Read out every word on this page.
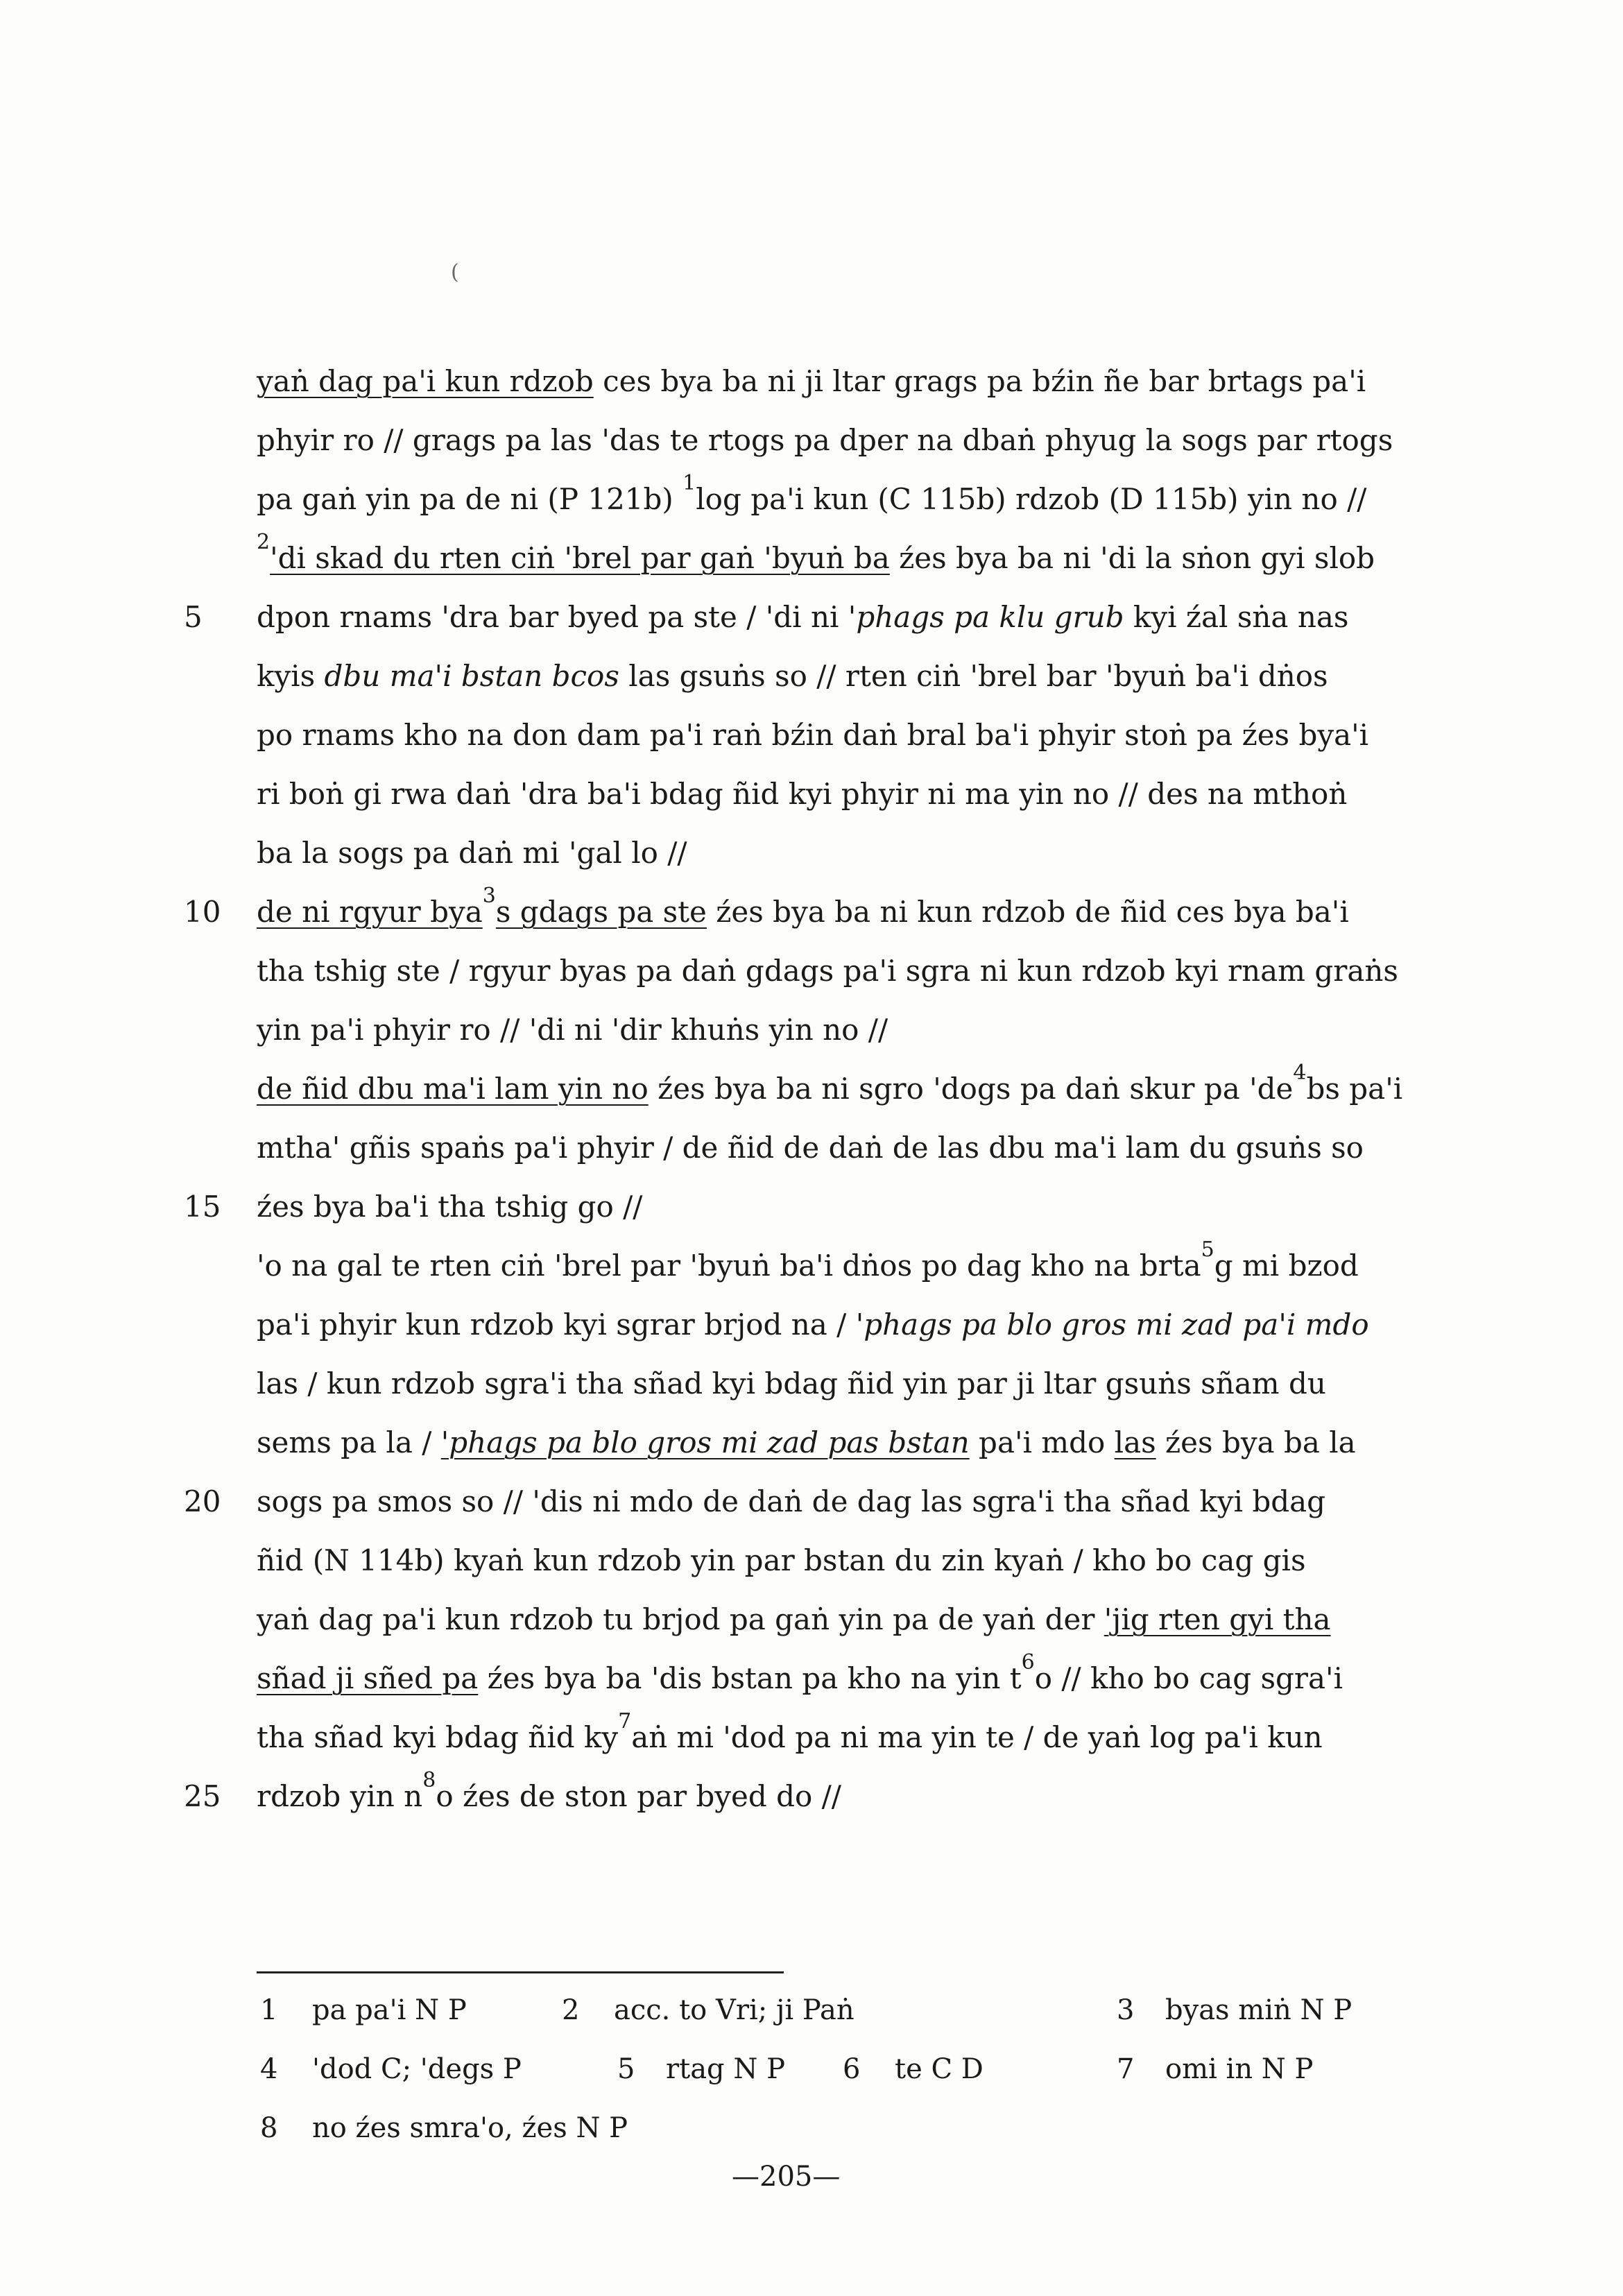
(
5
10
15
20
25
yaṅ dag pa'i kun rdzob ces bya ba ni ji ltar grags pa bźin ñe bar brtags pa'i
phyir ro // grags pa las 'das te rtogs pa dper na dbaṅ phyug la sogs par rtogs
pa gaṅ yin pa de ni (P 121b) $^1$log pa'i kun (C 115b) rdzob (D 115b) yin no //
$^2$'di skad du rten ciṅ 'brel par gaṅ 'byuṅ ba źes bya ba ni 'di la sṅon gyi slob
dpon rnams 'dra bar byed pa ste / 'di ni 'phags pa klu grub kyi źal sṅa nas
kyis dbu ma'i bstan bcos las gsuṅs so // rten ciṅ 'brel bar 'byuṅ ba'i dṅos
po rnams kho na don dam pa'i raṅ bźin daṅ bral ba'i phyir stoṅ pa źes bya'i
ri boṅ gi rwa daṅ 'dra ba'i bdag ñid kyi phyir ni ma yin no // des na mthoṅ
ba la sogs pa daṅ mi 'gal lo //
de ni rgyur bya$^3$s gdags pa ste źes bya ba ni kun rdzob de ñid ces bya ba'i
tha tshig ste / rgyur byas pa daṅ gdags pa'i sgra ni kun rdzob kyi rnam graṅs
yin pa'i phyir ro // 'di ni 'dir khuṅs yin no //
de ñid dbu ma'i lam yin no źes bya ba ni sgro 'dogs pa daṅ skur pa '$de^4bs$ pa'i
mtha' gñis spaṅs pa'i phyir / de ñid de daṅ de las dbu ma'i lam du gsuṅs so
źes bya ba'i tha tshig go //
'o na gal te rten ciṅ 'brel par 'byuṅ ba'i dṅos po dag kho na brta$^5$g mi bzod
pa'i phyir kun rdzob kyi sgrar brjod na / 'phags pa blo gros mi zad pa'i mdo
las / kun rdzob sgra'i tha sñad kyi bdag ñid yin par ji ltar gsuṅs sñam du
sems pa la / 'phags pa blo gros mi zad pas bstan pa'i mdo las źes bya ba la
sogs pa smos so // 'dis ni mdo de daṅ de dag las sgra'i tha sñad kyi bdag
ñid (N 114b) kyaṅ kun rdzob yin par bstan du zin kyaṅ / kho bo cag gis
yaṅ dag pa'i kun rdzob tu brjod pa gaṅ yin pa de yaṅ der 'jig rten gyi tha
sñad ji sñed pa źes bya ba 'dis bstan pa kho na yin $t^6o$ // kho bo cag sgra'i
tha sñad kyi bdag ñid $ky^7aṅ$ mi 'dod pa ni ma yin te / de yaṅ log pa'i kun
rdzob yin $n^8o$ źes de ston par byed do //
1 pa pa'i N P	2 acc. to Vri; ji Paṅ	3 byas miṅ N P
4 'dod C; 'degs P	5 rtag N P 6 te C D	7 omi in N P
8 no źes smra'o, źes N P
—205—
